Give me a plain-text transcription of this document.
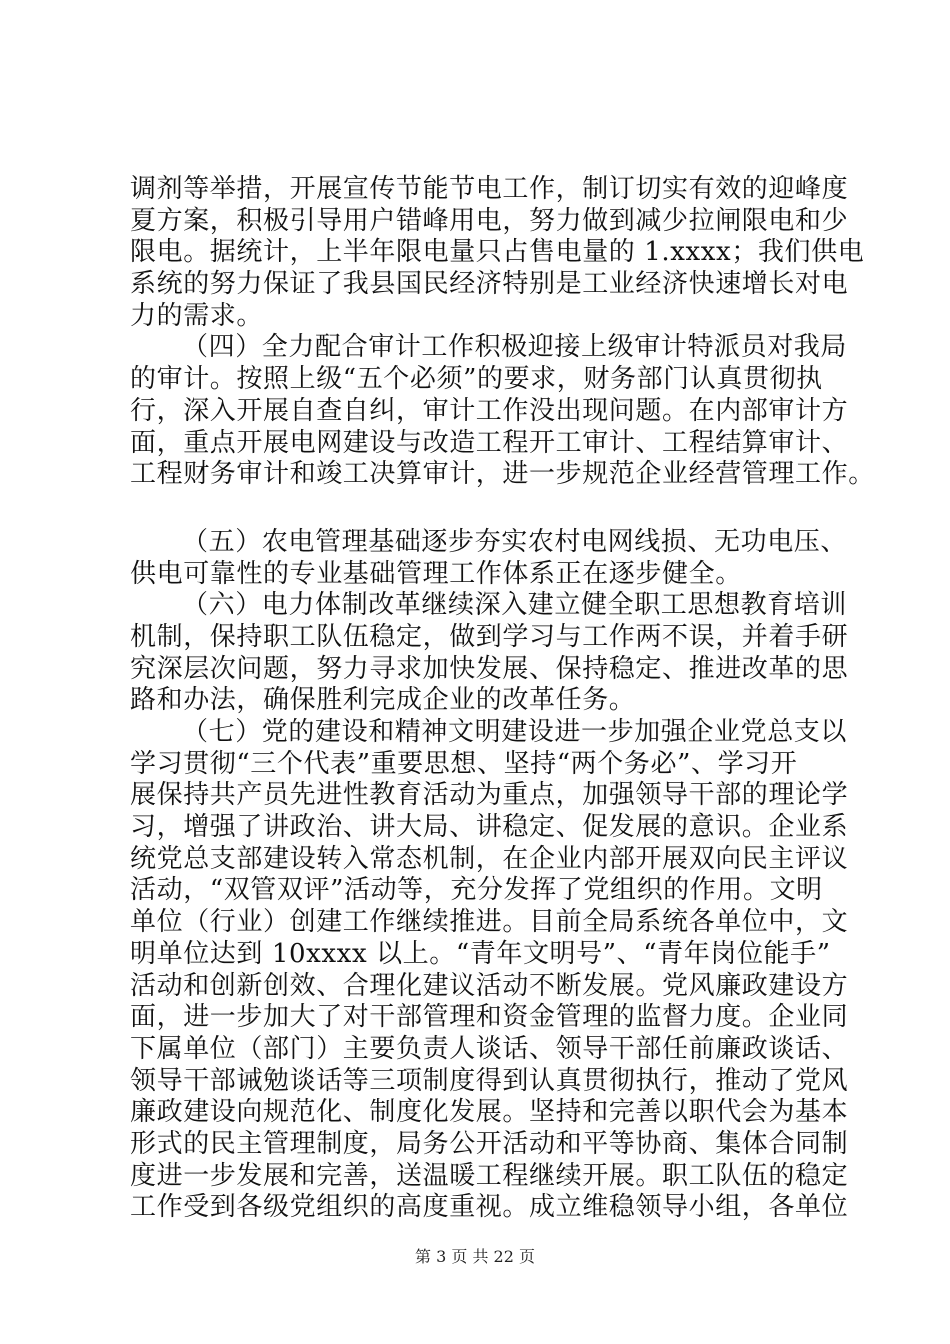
调剂等举措，开展宣传节能节电工作，制订切实有效的迎峰度
夏方案，积极引导用户错峰用电，努力做到减少拉闸限电和少
限电。据统计，上半年限电量只占售电量的 1.xxxx；我们供电
系统的努力保证了我县国民经济特别是工业经济快速增长对电
力的需求。
（四）全力配合审计工作积极迎接上级审计特派员对我局
的审计。按照上级“五个必须”的要求，财务部门认真贯彻执
行，深入开展自查自纠，审计工作没出现问题。在内部审计方
面，重点开展电网建设与改造工程开工审计、工程结算审计、
工程财务审计和竣工决算审计，进一步规范企业经营管理工作。
（五）农电管理基础逐步夯实农村电网线损、无功电压、
供电可靠性的专业基础管理工作体系正在逐步健全。
（六）电力体制改革继续深入建立健全职工思想教育培训
机制，保持职工队伍稳定，做到学习与工作两不误，并着手研
究深层次问题，努力寻求加快发展、保持稳定、推进改革的思
路和办法，确保胜利完成企业的改革任务。
（七）党的建设和精神文明建设进一步加强企业党总支以
学习贯彻“三个代表”重要思想、坚持“两个务必”、学习开
展保持共产员先进性教育活动为重点，加强领导干部的理论学
习，增强了讲政治、讲大局、讲稳定、促发展的意识。企业系
统党总支部建设转入常态机制，在企业内部开展双向民主评议
活动，“双管双评”活动等，充分发挥了党组织的作用。文明
单位（行业）创建工作继续推进。目前全局系统各单位中，文
明单位达到 10xxxx 以上。“青年文明号”、“青年岗位能手”
活动和创新创效、合理化建议活动不断发展。党风廉政建设方
面，进一步加大了对干部管理和资金管理的监督力度。企业同
下属单位（部门）主要负责人谈话、领导干部任前廉政谈话、
领导干部诫勉谈话等三项制度得到认真贯彻执行，推动了党风
廉政建设向规范化、制度化发展。坚持和完善以职代会为基本
形式的民主管理制度，局务公开活动和平等协商、集体合同制
度进一步发展和完善，送温暖工程继续开展。职工队伍的稳定
工作受到各级党组织的高度重视。成立维稳领导小组，各单位
第 3 页 共 22 页
